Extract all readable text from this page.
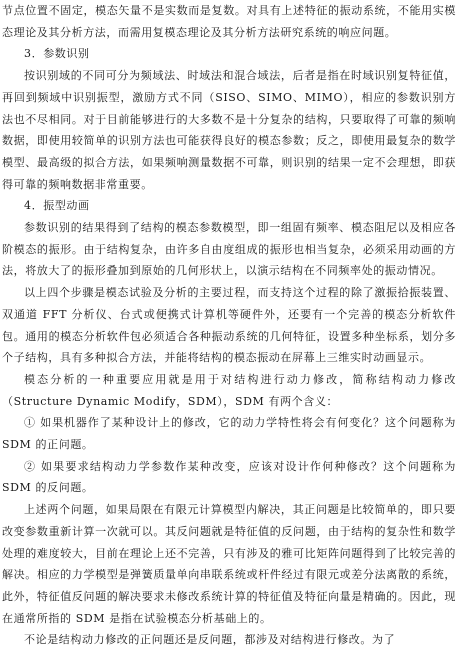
节点位置不固定，模态矢量不是实数而是复数。对具有上述特征的振动系统，不能用实模态理论及其分析方法，而需用复模态理论及其分析方法研究系统的响应问题。

3．参数识别

按识别域的不同可分为频域法、时域法和混合域法，后者是指在时域识别复特征值，再回到频域中识别振型，激励方式不同（SISO、SIMO、MIMO），相应的参数识别方法也不尽相同。对于目前能够进行的大多数不是十分复杂的结构，只要取得了可靠的频响数据，即使用较简单的识别方法也可能获得良好的模态参数；反之，即使用最复杂的数学模型、最高级的拟合方法，如果频响测量数据不可靠，则识别的结果一定不会理想，即获得可靠的频响数据非常重要。

4．振型动画

参数识别的结果得到了结构的模态参数模型，即一组固有频率、模态阻尼以及相应各阶模态的振形。由于结构复杂，由许多自由度组成的振形也相当复杂，必须采用动画的方法，将放大了的振形叠加到原始的几何形状上，以演示结构在不同频率处的振动情况。

以上四个步骤是模态试验及分析的主要过程，而支持这个过程的除了激振拾振装置、双通道 FFT 分析仪、台式或便携式计算机等硬件外，还要有一个完善的模态分析软件包。通用的模态分析软件包必须适合各种振动系统的几何特征，设置多种坐标系，划分多个子结构，具有多种拟合方法，并能将结构的模态振动在屏幕上三维实时动画显示。

模态分析的一种重要应用就是用于对结构进行动力修改，简称结构动力修改（Structure Dynamic Modify，SDM），SDM 有两个含义：

① 如果机器作了某种设计上的修改，它的动力学特性将会有何变化？这个问题称为 SDM 的正问题。

② 如果要求结构动力学参数作某种改变，应该对设计作何种修改？这个问题称为 SDM 的反问题。

上述两个问题，如果局限在有限元计算模型内解决，其正问题是比较简单的，即只要改变参数重新计算一次就可以。其反问题就是特征值的反问题，由于结构的复杂性和数学处理的难度较大，目前在理论上还不完善，只有涉及的雅可比矩阵问题得到了比较完善的解决。相应的力学模型是弹簧质量单向串联系统或杆件经过有限元或差分法离散的系统，此外，特征值反问题的解决要求未修改系统计算的特征值及特征向量是精确的。因此，现在通常所指的 SDM 是指在试验模态分析基础上的。

不论是结构动力修改的正问题还是反问题，都涉及对结构进行修改。为了
